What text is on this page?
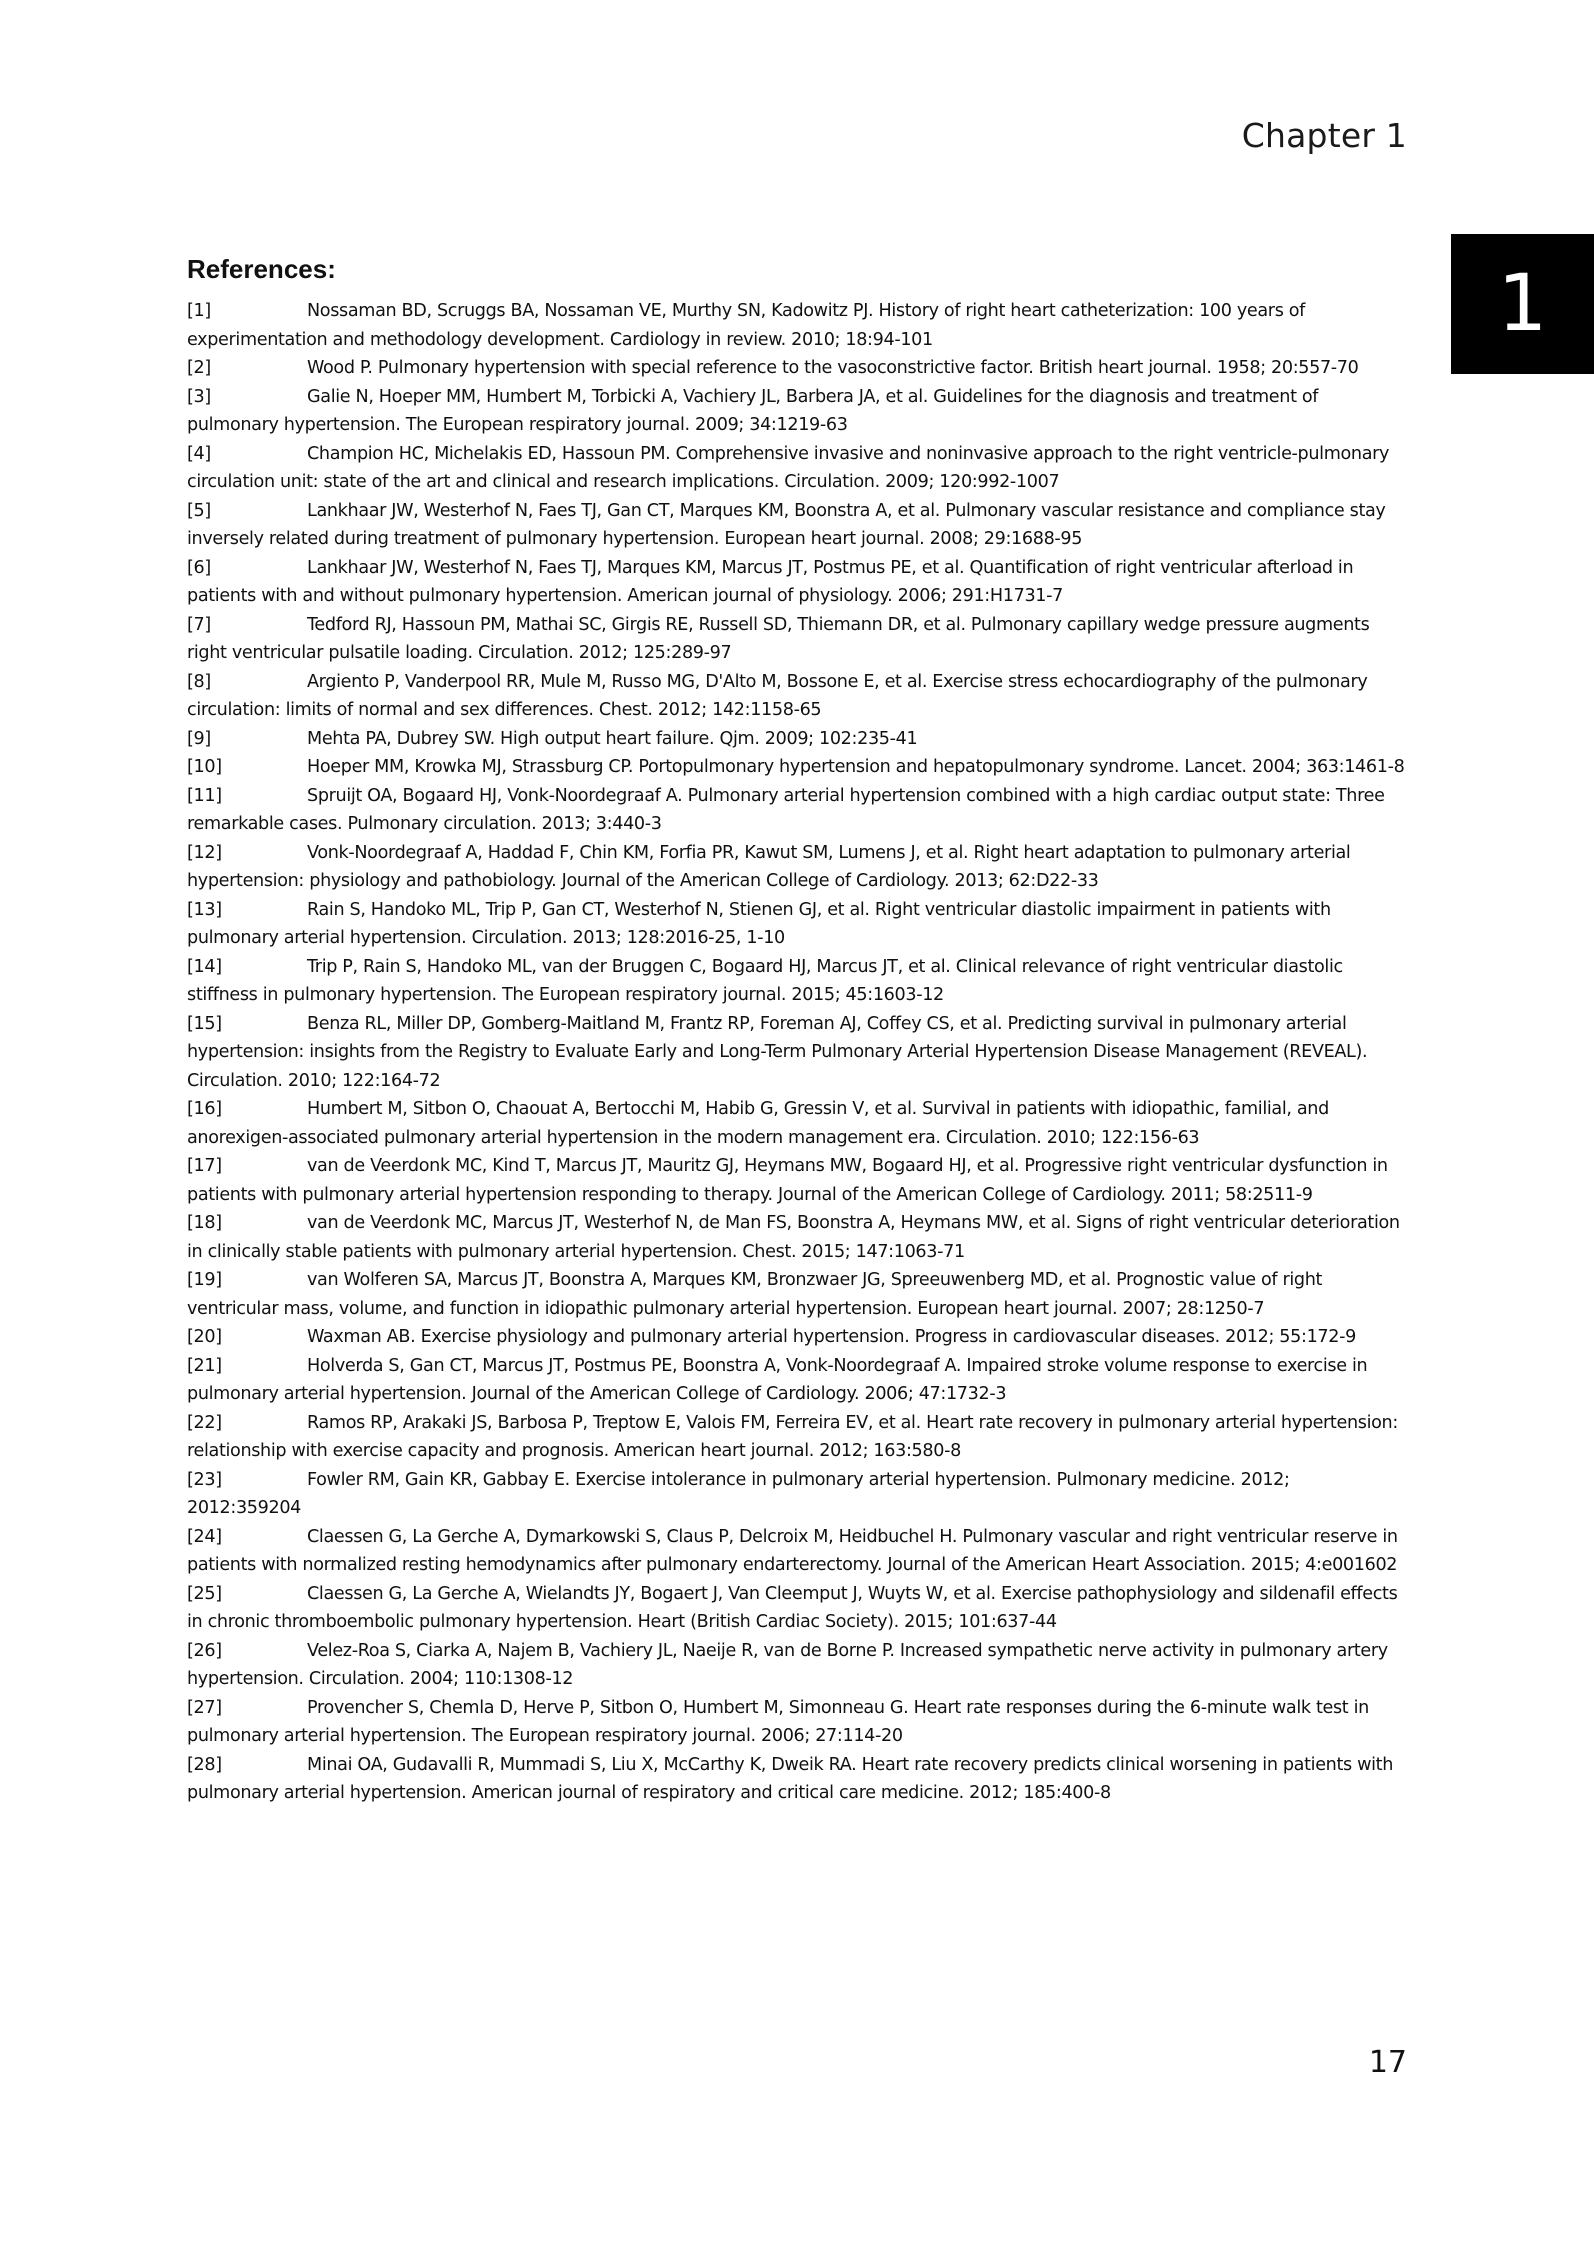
Chapter 1
1
References:
[1]	Nossaman BD, Scruggs BA, Nossaman VE, Murthy SN, Kadowitz PJ. History of right heart catheterization: 100 years of experimentation and methodology development. Cardiology in review. 2010; 18:94-101
[2]	Wood P. Pulmonary hypertension with special reference to the vasoconstrictive factor. British heart journal. 1958; 20:557-70
[3]	Galie N, Hoeper MM, Humbert M, Torbicki A, Vachiery JL, Barbera JA, et al. Guidelines for the diagnosis and treatment of pulmonary hypertension. The European respiratory journal. 2009; 34:1219-63
[4]	Champion HC, Michelakis ED, Hassoun PM. Comprehensive invasive and noninvasive approach to the right ventricle-pulmonary circulation unit: state of the art and clinical and research implications. Circulation. 2009; 120:992-1007
[5]	Lankhaar JW, Westerhof N, Faes TJ, Gan CT, Marques KM, Boonstra A, et al. Pulmonary vascular resistance and compliance stay inversely related during treatment of pulmonary hypertension. European heart journal. 2008; 29:1688-95
[6]	Lankhaar JW, Westerhof N, Faes TJ, Marques KM, Marcus JT, Postmus PE, et al. Quantification of right ventricular afterload in patients with and without pulmonary hypertension. American journal of physiology. 2006; 291:H1731-7
[7]	Tedford RJ, Hassoun PM, Mathai SC, Girgis RE, Russell SD, Thiemann DR, et al. Pulmonary capillary wedge pressure augments right ventricular pulsatile loading. Circulation. 2012; 125:289-97
[8]	Argiento P, Vanderpool RR, Mule M, Russo MG, D'Alto M, Bossone E, et al. Exercise stress echocardiography of the pulmonary circulation: limits of normal and sex differences. Chest. 2012; 142:1158-65
[9]	Mehta PA, Dubrey SW. High output heart failure. Qjm. 2009; 102:235-41
[10]	Hoeper MM, Krowka MJ, Strassburg CP. Portopulmonary hypertension and hepatopulmonary syndrome. Lancet. 2004; 363:1461-8
[11]	Spruijt OA, Bogaard HJ, Vonk-Noordegraaf A. Pulmonary arterial hypertension combined with a high cardiac output state: Three remarkable cases. Pulmonary circulation. 2013; 3:440-3
[12]	Vonk-Noordegraaf A, Haddad F, Chin KM, Forfia PR, Kawut SM, Lumens J, et al. Right heart adaptation to pulmonary arterial hypertension: physiology and pathobiology. Journal of the American College of Cardiology. 2013; 62:D22-33
[13]	Rain S, Handoko ML, Trip P, Gan CT, Westerhof N, Stienen GJ, et al. Right ventricular diastolic impairment in patients with pulmonary arterial hypertension. Circulation. 2013; 128:2016-25, 1-10
[14]	Trip P, Rain S, Handoko ML, van der Bruggen C, Bogaard HJ, Marcus JT, et al. Clinical relevance of right ventricular diastolic stiffness in pulmonary hypertension. The European respiratory journal. 2015; 45:1603-12
[15]	Benza RL, Miller DP, Gomberg-Maitland M, Frantz RP, Foreman AJ, Coffey CS, et al. Predicting survival in pulmonary arterial hypertension: insights from the Registry to Evaluate Early and Long-Term Pulmonary Arterial Hypertension Disease Management (REVEAL). Circulation. 2010; 122:164-72
[16]	Humbert M, Sitbon O, Chaouat A, Bertocchi M, Habib G, Gressin V, et al. Survival in patients with idiopathic, familial, and anorexigen-associated pulmonary arterial hypertension in the modern management era. Circulation. 2010; 122:156-63
[17]	van de Veerdonk MC, Kind T, Marcus JT, Mauritz GJ, Heymans MW, Bogaard HJ, et al. Progressive right ventricular dysfunction in patients with pulmonary arterial hypertension responding to therapy. Journal of the American College of Cardiology. 2011; 58:2511-9
[18]	van de Veerdonk MC, Marcus JT, Westerhof N, de Man FS, Boonstra A, Heymans MW, et al. Signs of right ventricular deterioration in clinically stable patients with pulmonary arterial hypertension. Chest. 2015; 147:1063-71
[19]	van Wolferen SA, Marcus JT, Boonstra A, Marques KM, Bronzwaer JG, Spreeuwenberg MD, et al. Prognostic value of right ventricular mass, volume, and function in idiopathic pulmonary arterial hypertension. European heart journal. 2007; 28:1250-7
[20]	Waxman AB. Exercise physiology and pulmonary arterial hypertension. Progress in cardiovascular diseases. 2012; 55:172-9
[21]	Holverda S, Gan CT, Marcus JT, Postmus PE, Boonstra A, Vonk-Noordegraaf A. Impaired stroke volume response to exercise in pulmonary arterial hypertension. Journal of the American College of Cardiology. 2006; 47:1732-3
[22]	Ramos RP, Arakaki JS, Barbosa P, Treptow E, Valois FM, Ferreira EV, et al. Heart rate recovery in pulmonary arterial hypertension: relationship with exercise capacity and prognosis. American heart journal. 2012; 163:580-8
[23]	Fowler RM, Gain KR, Gabbay E. Exercise intolerance in pulmonary arterial hypertension. Pulmonary medicine. 2012; 2012:359204
[24]	Claessen G, La Gerche A, Dymarkowski S, Claus P, Delcroix M, Heidbuchel H. Pulmonary vascular and right ventricular reserve in patients with normalized resting hemodynamics after pulmonary endarterectomy. Journal of the American Heart Association. 2015; 4:e001602
[25]	Claessen G, La Gerche A, Wielandts JY, Bogaert J, Van Cleemput J, Wuyts W, et al. Exercise pathophysiology and sildenafil effects in chronic thromboembolic pulmonary hypertension. Heart (British Cardiac Society). 2015; 101:637-44
[26]	Velez-Roa S, Ciarka A, Najem B, Vachiery JL, Naeije R, van de Borne P. Increased sympathetic nerve activity in pulmonary artery hypertension. Circulation. 2004; 110:1308-12
[27]	Provencher S, Chemla D, Herve P, Sitbon O, Humbert M, Simonneau G. Heart rate responses during the 6-minute walk test in pulmonary arterial hypertension. The European respiratory journal. 2006; 27:114-20
[28]	Minai OA, Gudavalli R, Mummadi S, Liu X, McCarthy K, Dweik RA. Heart rate recovery predicts clinical worsening in patients with pulmonary arterial hypertension. American journal of respiratory and critical care medicine. 2012; 185:400-8
17
